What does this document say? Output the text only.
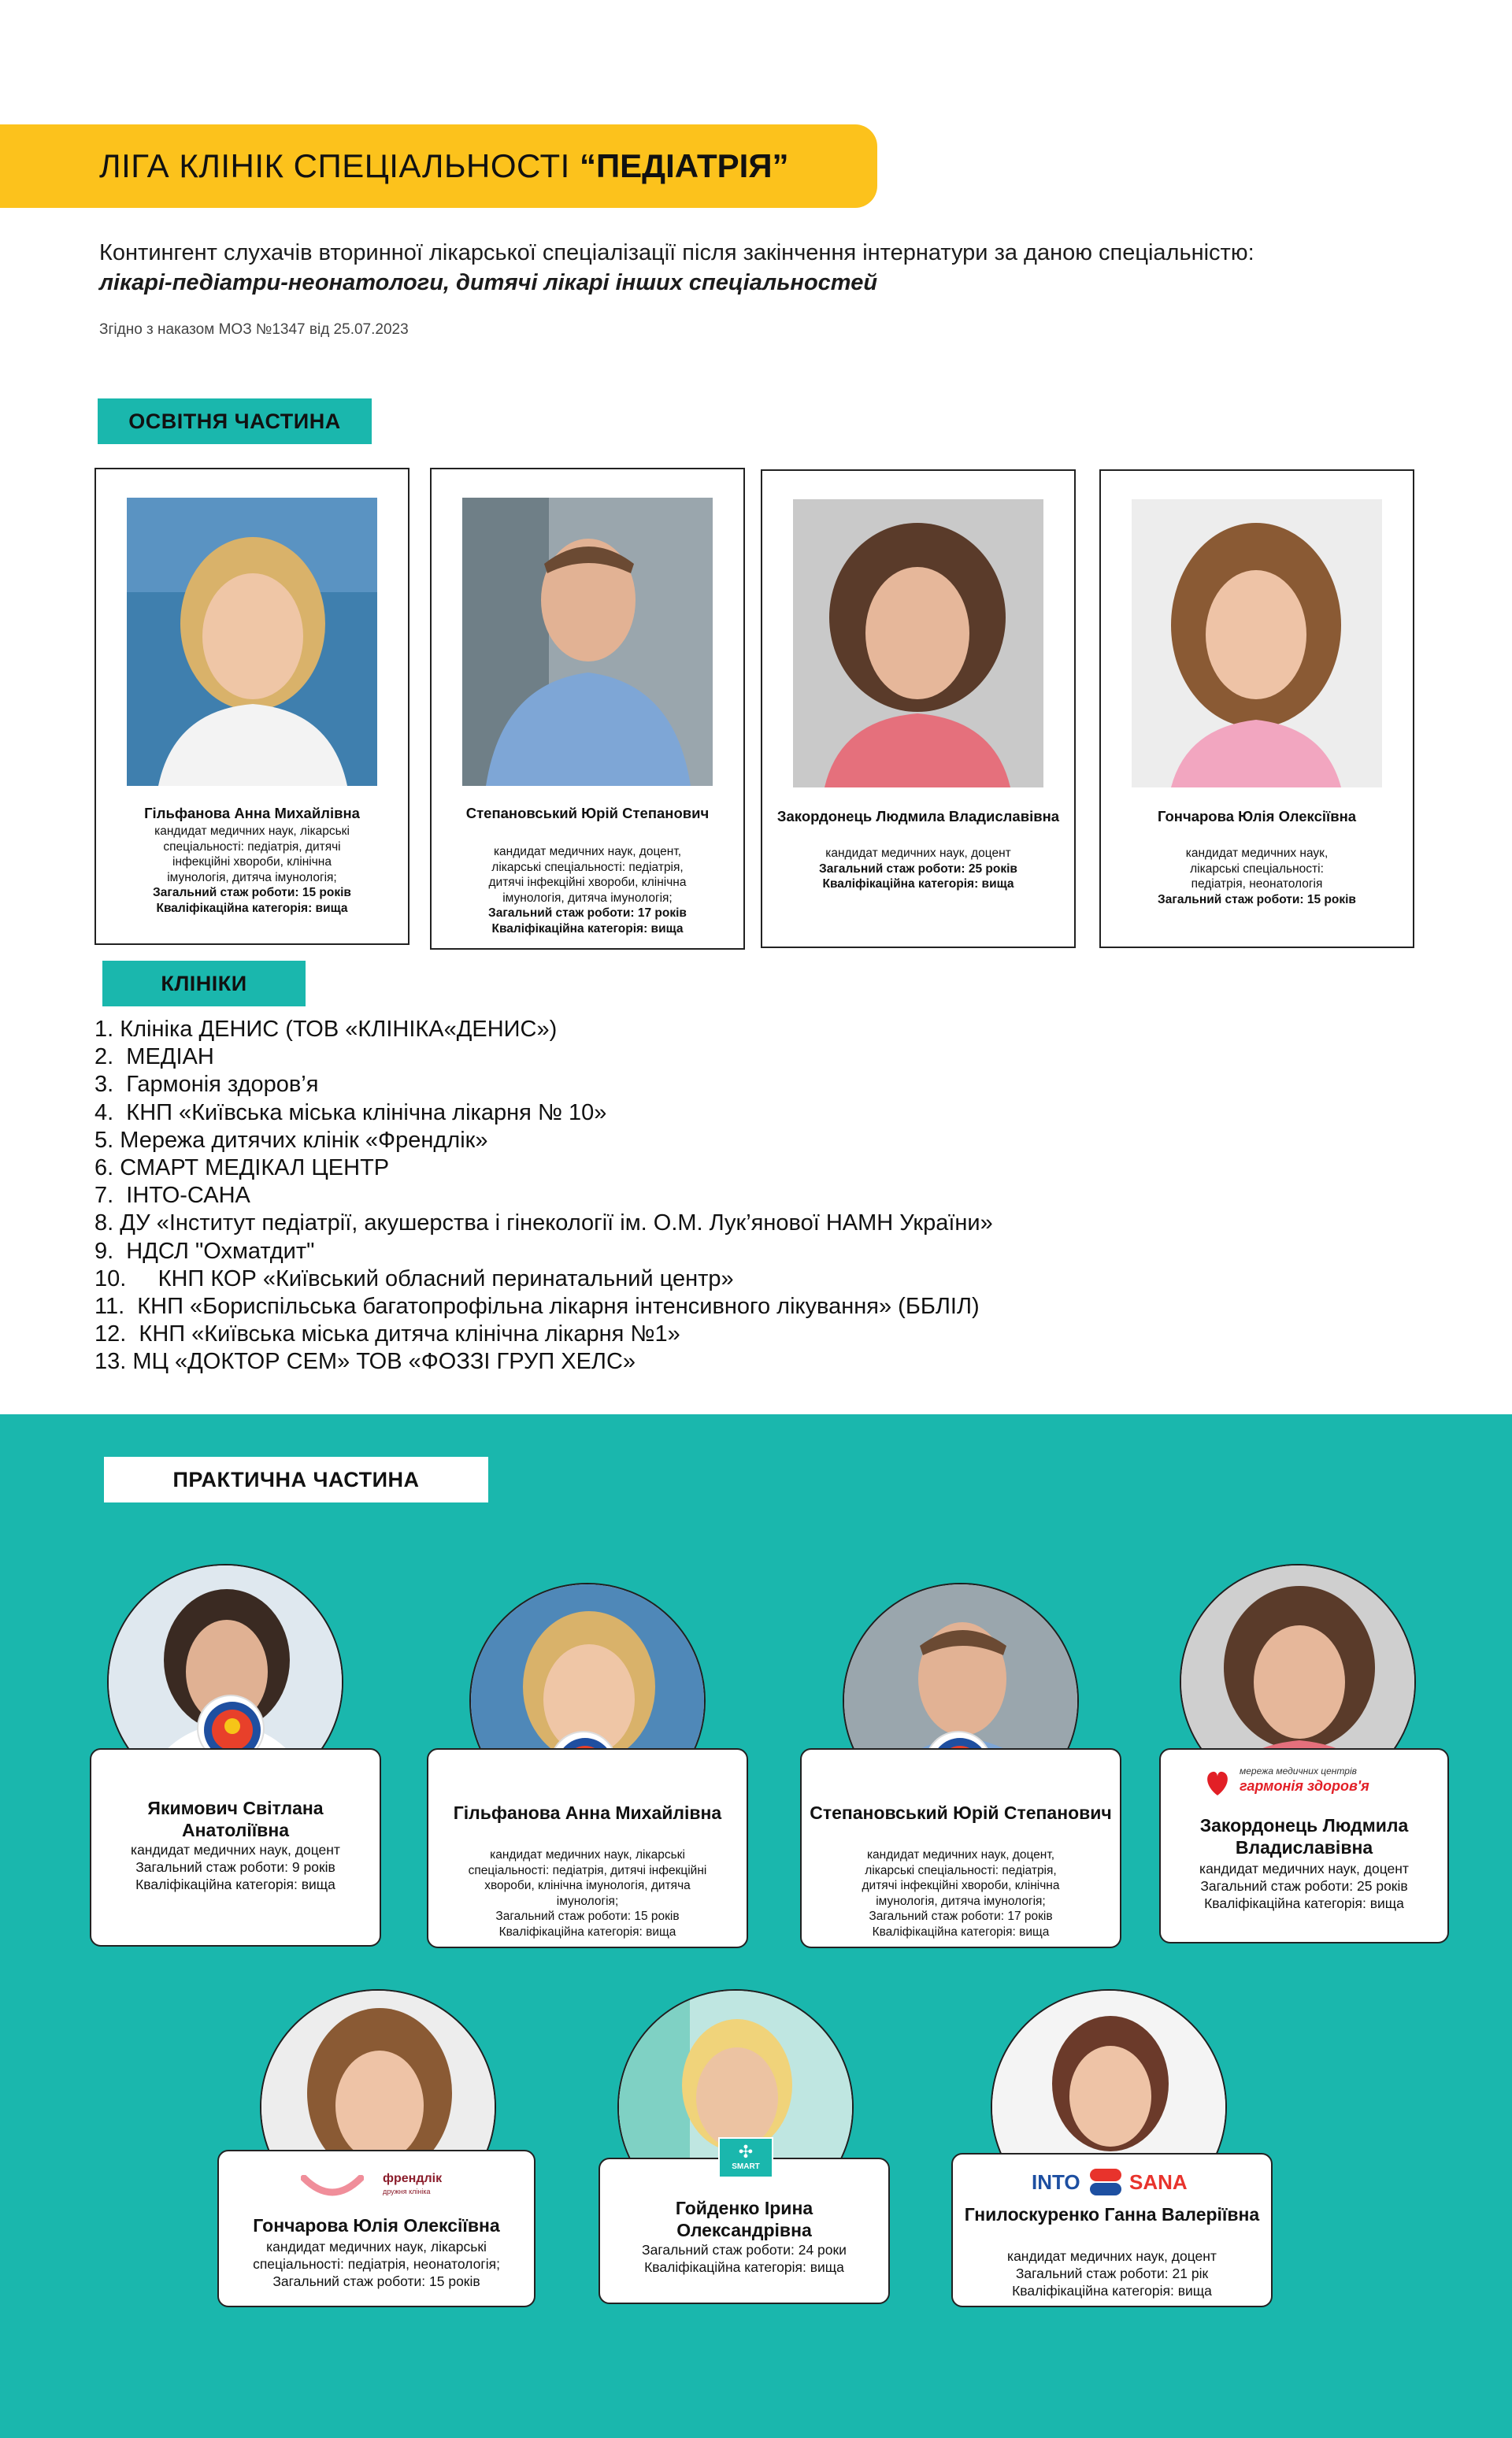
ЛІГА КЛІНІК СПЕЦІАЛЬНОСТІ “ПЕДІАТРІЯ”
Контингент слухачів вторинної лікарської спеціалізації після закінчення інтернатури за даною спеціальністю:
лікарі-педіатри-неонатологи, дитячі лікарі інших спеціальностей
Згідно з наказом МОЗ №1347 від 25.07.2023
ОСВІТНЯ ЧАСТИНА
Гільфанова Анна Михайлівна
кандидат медичних наук, лікарські
спеціальності: педіатрія, дитячі
інфекційні хвороби, клінічна
імунологія, дитяча імунологія;
Загальний стаж роботи: 15 років
Кваліфікаційна категорія: вища
Степановський Юрій Степанович
кандидат медичних наук, доцент,
лікарські спеціальності: педіатрія,
дитячі інфекційні хвороби, клінічна
імунологія, дитяча імунологія;
Загальний стаж роботи: 17 років
Кваліфікаційна категорія: вища
Закордонець Людмила Владиславівна
кандидат медичних наук, доцент
Загальний стаж роботи: 25 років
Кваліфікаційна категорія: вища
Гончарова Юлія Олексіївна
кандидат медичних наук,
лікарські спеціальності:
педіатрія, неонатологія
Загальний стаж роботи: 15 років
КЛІНІКИ
1. Клініка ДЕНИС (ТОВ «КЛІНІКА«ДЕНИС»)
2.  МЕДІАН
3.  Гармонія здоров’я
4.  КНП «Київська міська клінічна лікарня № 10»
5. Мережа дитячих клінік «Френдлік»
6. СМАРТ МЕДІКАЛ ЦЕНТР
7.  ІНТО-САНА
8. ДУ «Інститут педіатрії, акушерства і гінекології ім. О.М. Лук’янової НАМН України»
9.  НДСЛ "Охматдит"
10.     КНП КОР «Київський обласний перинатальний центр»
11.  КНП «Бориспільська багатопрофільна лікарня інтенсивного лікування» (ББЛІЛ)
12.  КНП «Київська міська дитяча клінічна лікарня №1»
13. МЦ «ДОКТОР СЕМ» ТОВ «ФОЗЗІ ГРУП ХЕЛС»
ПРАКТИЧНА ЧАСТИНА
Якимович Світлана Анатоліївна
кандидат медичних наук, доцент
Загальний стаж роботи: 9 років
Кваліфікаційна категорія: вища
Гільфанова Анна Михайлівна
кандидат медичних наук, лікарські
спеціальності: педіатрія, дитячі інфекційні
хвороби, клінічна імунологія, дитяча
імунологія;
Загальний стаж роботи: 15 років
Кваліфікаційна категорія: вища
Степановський Юрій Степанович
кандидат медичних наук, доцент,
лікарські спеціальності: педіатрія,
дитячі інфекційні хвороби, клінічна
імунологія, дитяча імунологія;
Загальний стаж роботи: 17 років
Кваліфікаційна категорія: вища
мережа медичних центрів
гармонія здоров'я
Закордонець Людмила Владиславівна
кандидат медичних наук, доцент
Загальний стаж роботи: 25 років
Кваліфікаційна категорія: вища
френдлік
дружня клініка
Гончарова Юлія Олексіївна
кандидат медичних наук, лікарські
спеціальності: педіатрія, неонатологія;
Загальний стаж роботи: 15 років
✣
SMART
Гойденко Ірина Олександрівна
Загальний стаж роботи: 24 роки
Кваліфікаційна категорія: вища
INTO SANA
Гнилоскуренко Ганна Валеріївна
кандидат медичних наук, доцент
Загальний стаж роботи: 21 рік
Кваліфікаційна категорія: вища
